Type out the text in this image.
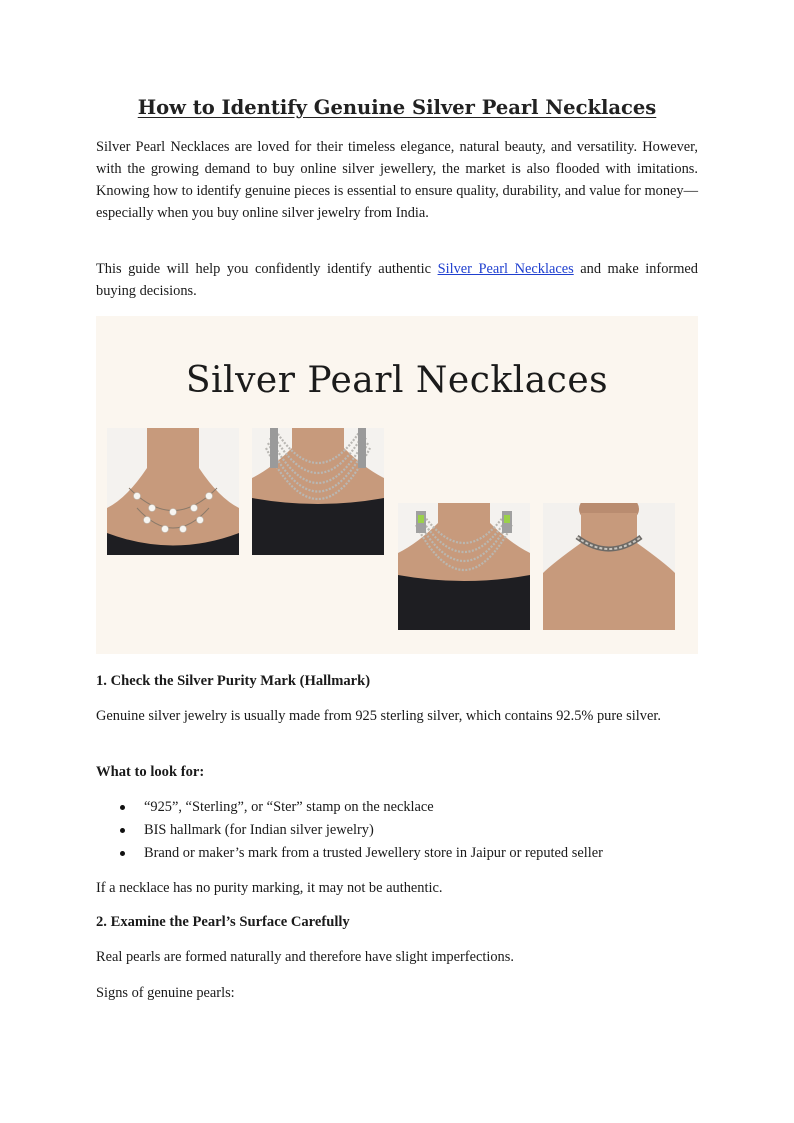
How to Identify Genuine Silver Pearl Necklaces

Silver Pearl Necklaces are loved for their timeless elegance, natural beauty, and versatility. However, with the growing demand to buy online silver jewellery, the market is also flooded with imitations. Knowing how to identify genuine pieces is essential to ensure quality, durability, and value for money—especially when you buy online silver jewelry from India.

This guide will help you confidently identify authentic Silver Pearl Necklaces and make informed buying decisions.

Silver Pearl Necklaces
1. Check the Silver Purity Mark (Hallmark)

Genuine silver jewelry is usually made from 925 sterling silver, which contains 92.5% pure silver.

What to look for:
“925”, “Sterling”, or “Ster” stamp on the necklace
BIS hallmark (for Indian silver jewelry)
Brand or maker’s mark from a trusted Jewellery store in Jaipur or reputed seller

If a necklace has no purity marking, it may not be authentic.

2. Examine the Pearl’s Surface Carefully

Real pearls are formed naturally and therefore have slight imperfections.

Signs of genuine pearls:
